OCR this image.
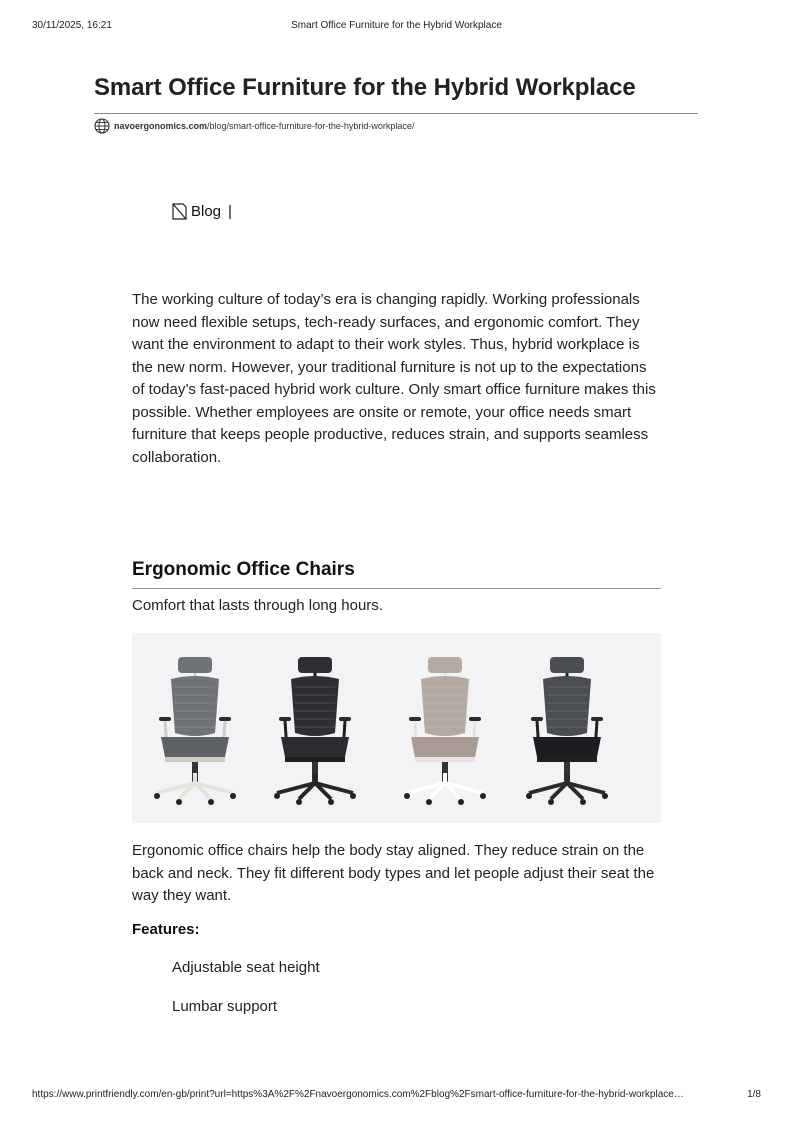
30/11/2025, 16:21	Smart Office Furniture for the Hybrid Workplace
Smart Office Furniture for the Hybrid Workplace
navoergonomics.com /blog/smart-office-furniture-for-the-hybrid-workplace/
Blog |

The working culture of today’s era is changing rapidly. Working professionals now need flexible setups, tech-ready surfaces, and ergonomic comfort. They want the environment to adapt to their work styles. Thus, hybrid workplace is the new norm. However, your traditional furniture is not up to the expectations of today’s fast-paced hybrid work culture. Only smart office furniture makes this possible. Whether employees are onsite or remote, your office needs smart furniture that keeps people productive, reduces strain, and supports seamless collaboration.

Ergonomic Office Chairs

Comfort that lasts through long hours.

Ergonomic office chairs help the body stay aligned. They reduce strain on the back and neck. They fit different body types and let people adjust their seat the way they want.

Features:

Adjustable seat height

Lumbar support

https://www.printfriendly.com/en-gb/print?url=https%3A%2F%2Fnavoergonomics.com%2Fblog%2Fsmart-office-furniture-for-the-hybrid-workplace…	1/8
